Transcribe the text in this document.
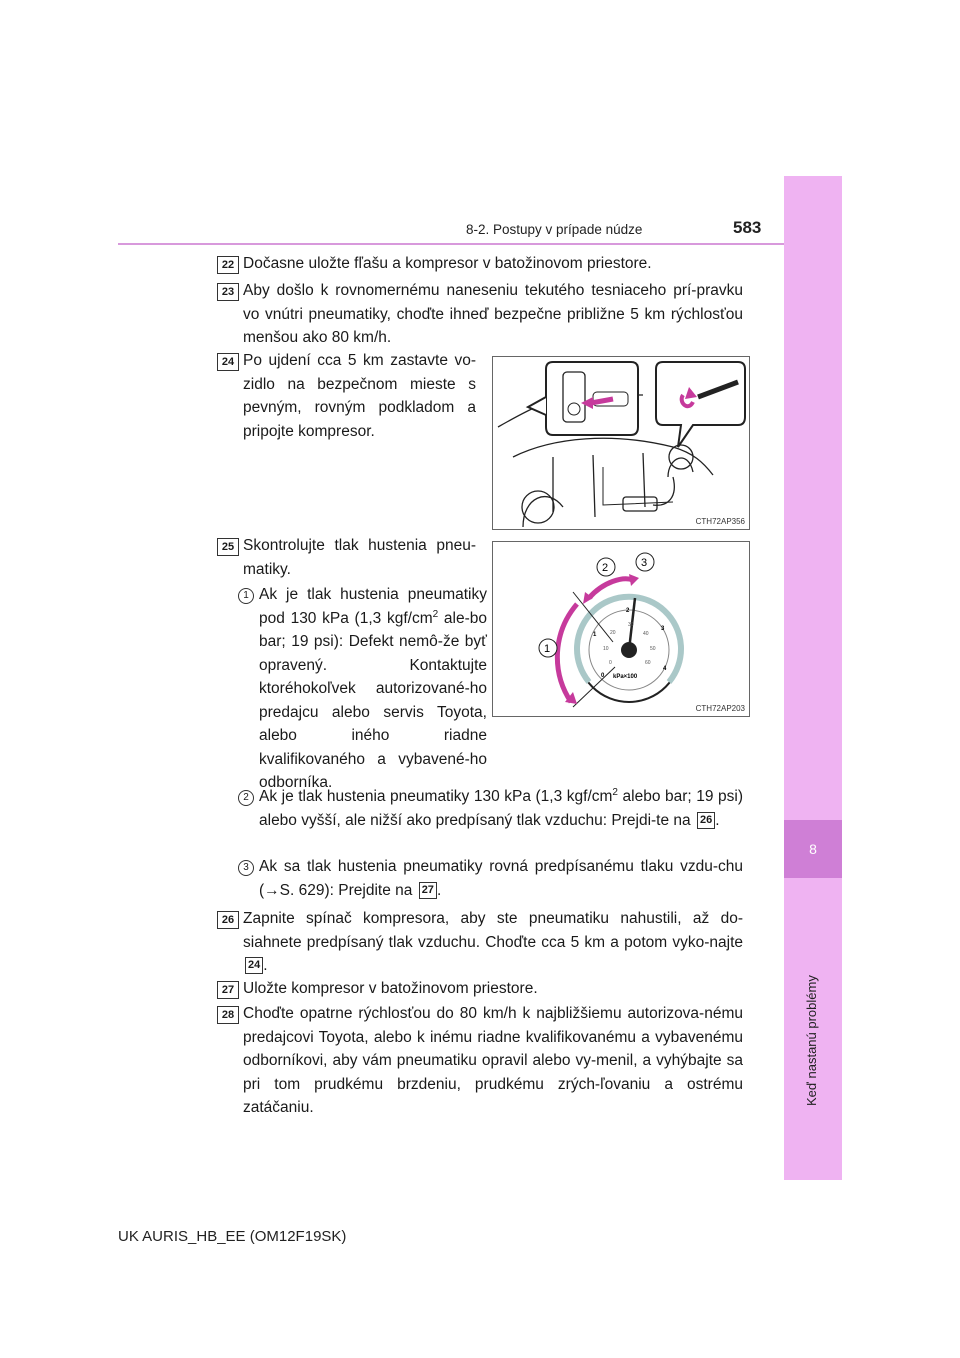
8
Keď nastanú problémy
8-2. Postupy v prípade núdze	583
22 Dočasne uložte fľašu a kompresor v batožinovom priestore.
23 Aby došlo k rovnomernému naneseniu tekutého tesniaceho prí-pravku vo vnútri pneumatiky, choďte ihneď bezpečne približne 5 km rýchlosťou menšou ako 80 km/h.
24 Po ujdení cca 5 km zastavte vo-zidlo na bezpečnom mieste s pevným, rovným podkladom a pripojte kompresor.
CTH72AP356
25 Skontrolujte tlak hustenia pneu-matiky.
kPa×100
0
1
2
3
4
0
10
20
30
40
50
60
1
2	3
CTH72AP203
1 Ak je tlak hustenia pneumatiky pod 130 kPa (1,3 kgf/$cm^2$ ale-bo bar; 19 psi): Defekt nemô-že byť opravený. Kontaktujte ktoréhokoľvek autorizované-ho predajcu alebo servis Toyota, alebo iného riadne kvalifikovaného a vybavené-ho odborníka.
2 Ak je tlak hustenia pneumatiky 130 kPa (1,3 kgf/$cm^2$ alebo bar; 19 psi) alebo vyšší, ale nižší ako predpísaný tlak vzduchu: Prejdi-te na 26 .
3 Ak sa tlak hustenia pneumatiky rovná predpísanému tlaku vzdu-chu (→S. 629): Prejdite na 27 .
26 Zapnite spínač kompresora, aby ste pneumatiku nahustili, až do-siahnete predpísaný tlak vzduchu. Choďte cca 5 km a potom vyko-najte 24 .
27 Uložte kompresor v batožinovom priestore.
28 Choďte opatrne rýchlosťou do 80 km/h k najbližšiemu autorizova-nému predajcovi Toyota, alebo k inému riadne kvalifikovanému a vybavenému odborníkovi, aby vám pneumatiku opravil alebo vy-menil, a vyhýbajte sa pri tom prudkému brzdeniu, prudkému zrých-ľovaniu a ostrému zatáčaniu.
UK AURIS_HB_EE (OM12F19SK)
